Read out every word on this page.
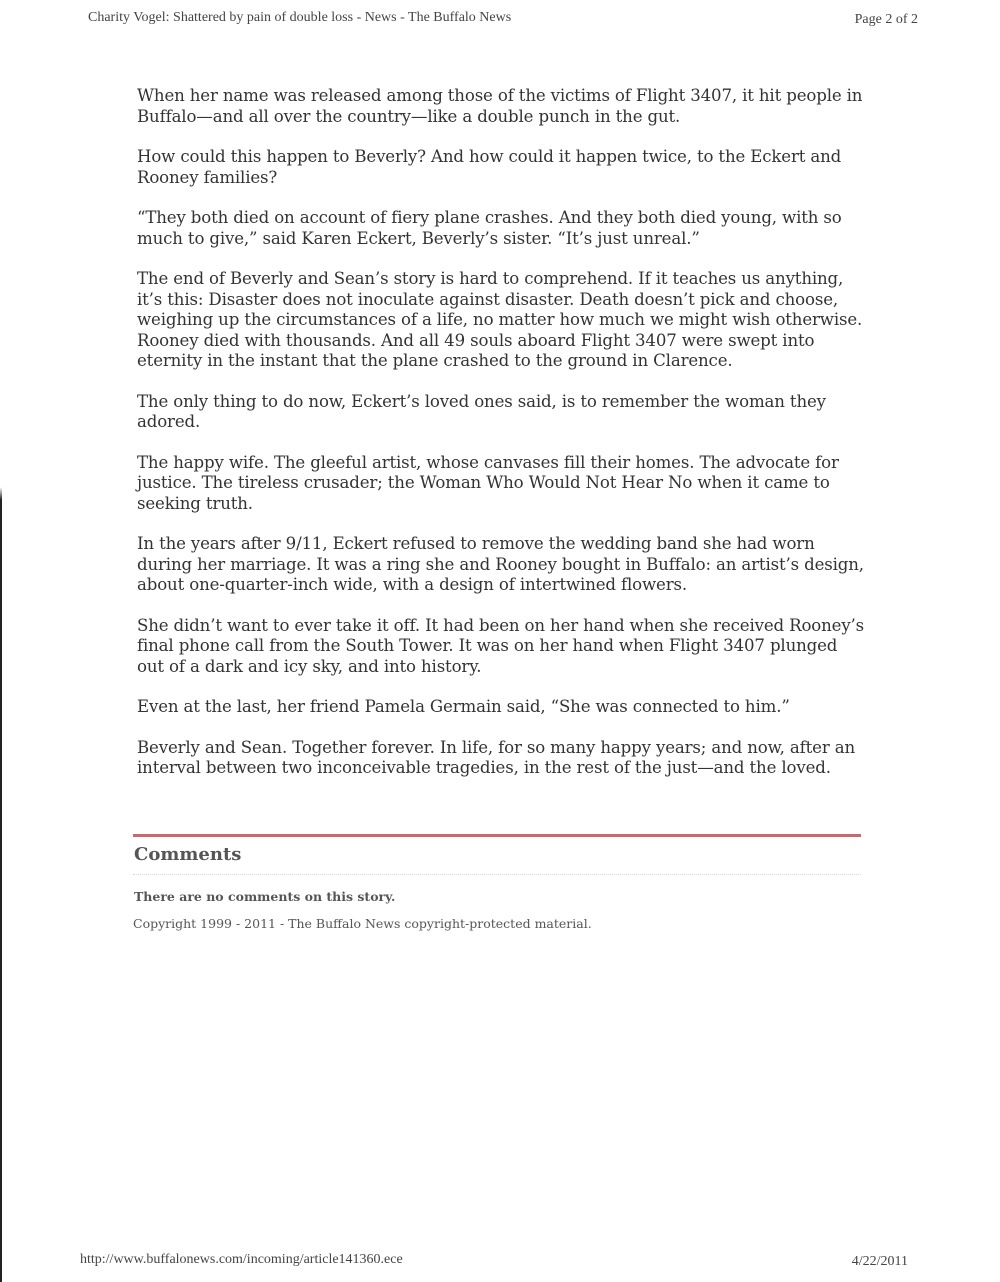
Charity Vogel: Shattered by pain of double loss - News - The Buffalo News	Page 2 of 2

When her name was released among those of the victims of Flight 3407, it hit people in Buffalo—and all over the country—like a double punch in the gut.

How could this happen to Beverly? And how could it happen twice, to the Eckert and Rooney families?

“They both died on account of fiery plane crashes. And they both died young, with so much to give,” said Karen Eckert, Beverly’s sister. “It’s just unreal.”

The end of Beverly and Sean’s story is hard to comprehend. If it teaches us anything, it’s this: Disaster does not inoculate against disaster. Death doesn’t pick and choose, weighing up the circumstances of a life, no matter how much we might wish otherwise. Rooney died with thousands. And all 49 souls aboard Flight 3407 were swept into eternity in the instant that the plane crashed to the ground in Clarence.

The only thing to do now, Eckert’s loved ones said, is to remember the woman they adored.

The happy wife. The gleeful artist, whose canvases fill their homes. The advocate for justice. The tireless crusader; the Woman Who Would Not Hear No when it came to seeking truth.

In the years after 9/11, Eckert refused to remove the wedding band she had worn during her marriage. It was a ring she and Rooney bought in Buffalo: an artist’s design, about one-quarter-inch wide, with a design of intertwined flowers.

She didn’t want to ever take it off. It had been on her hand when she received Rooney’s final phone call from the South Tower. It was on her hand when Flight 3407 plunged out of a dark and icy sky, and into history.

Even at the last, her friend Pamela Germain said, “She was connected to him.”

Beverly and Sean. Together forever. In life, for so many happy years; and now, after an interval between two inconceivable tragedies, in the rest of the just—and the loved.

Comments
There are no comments on this story.
Copyright 1999 - 2011 - The Buffalo News copyright-protected material.
http://www.buffalonews.com/incoming/article141360.ece	4/22/2011
